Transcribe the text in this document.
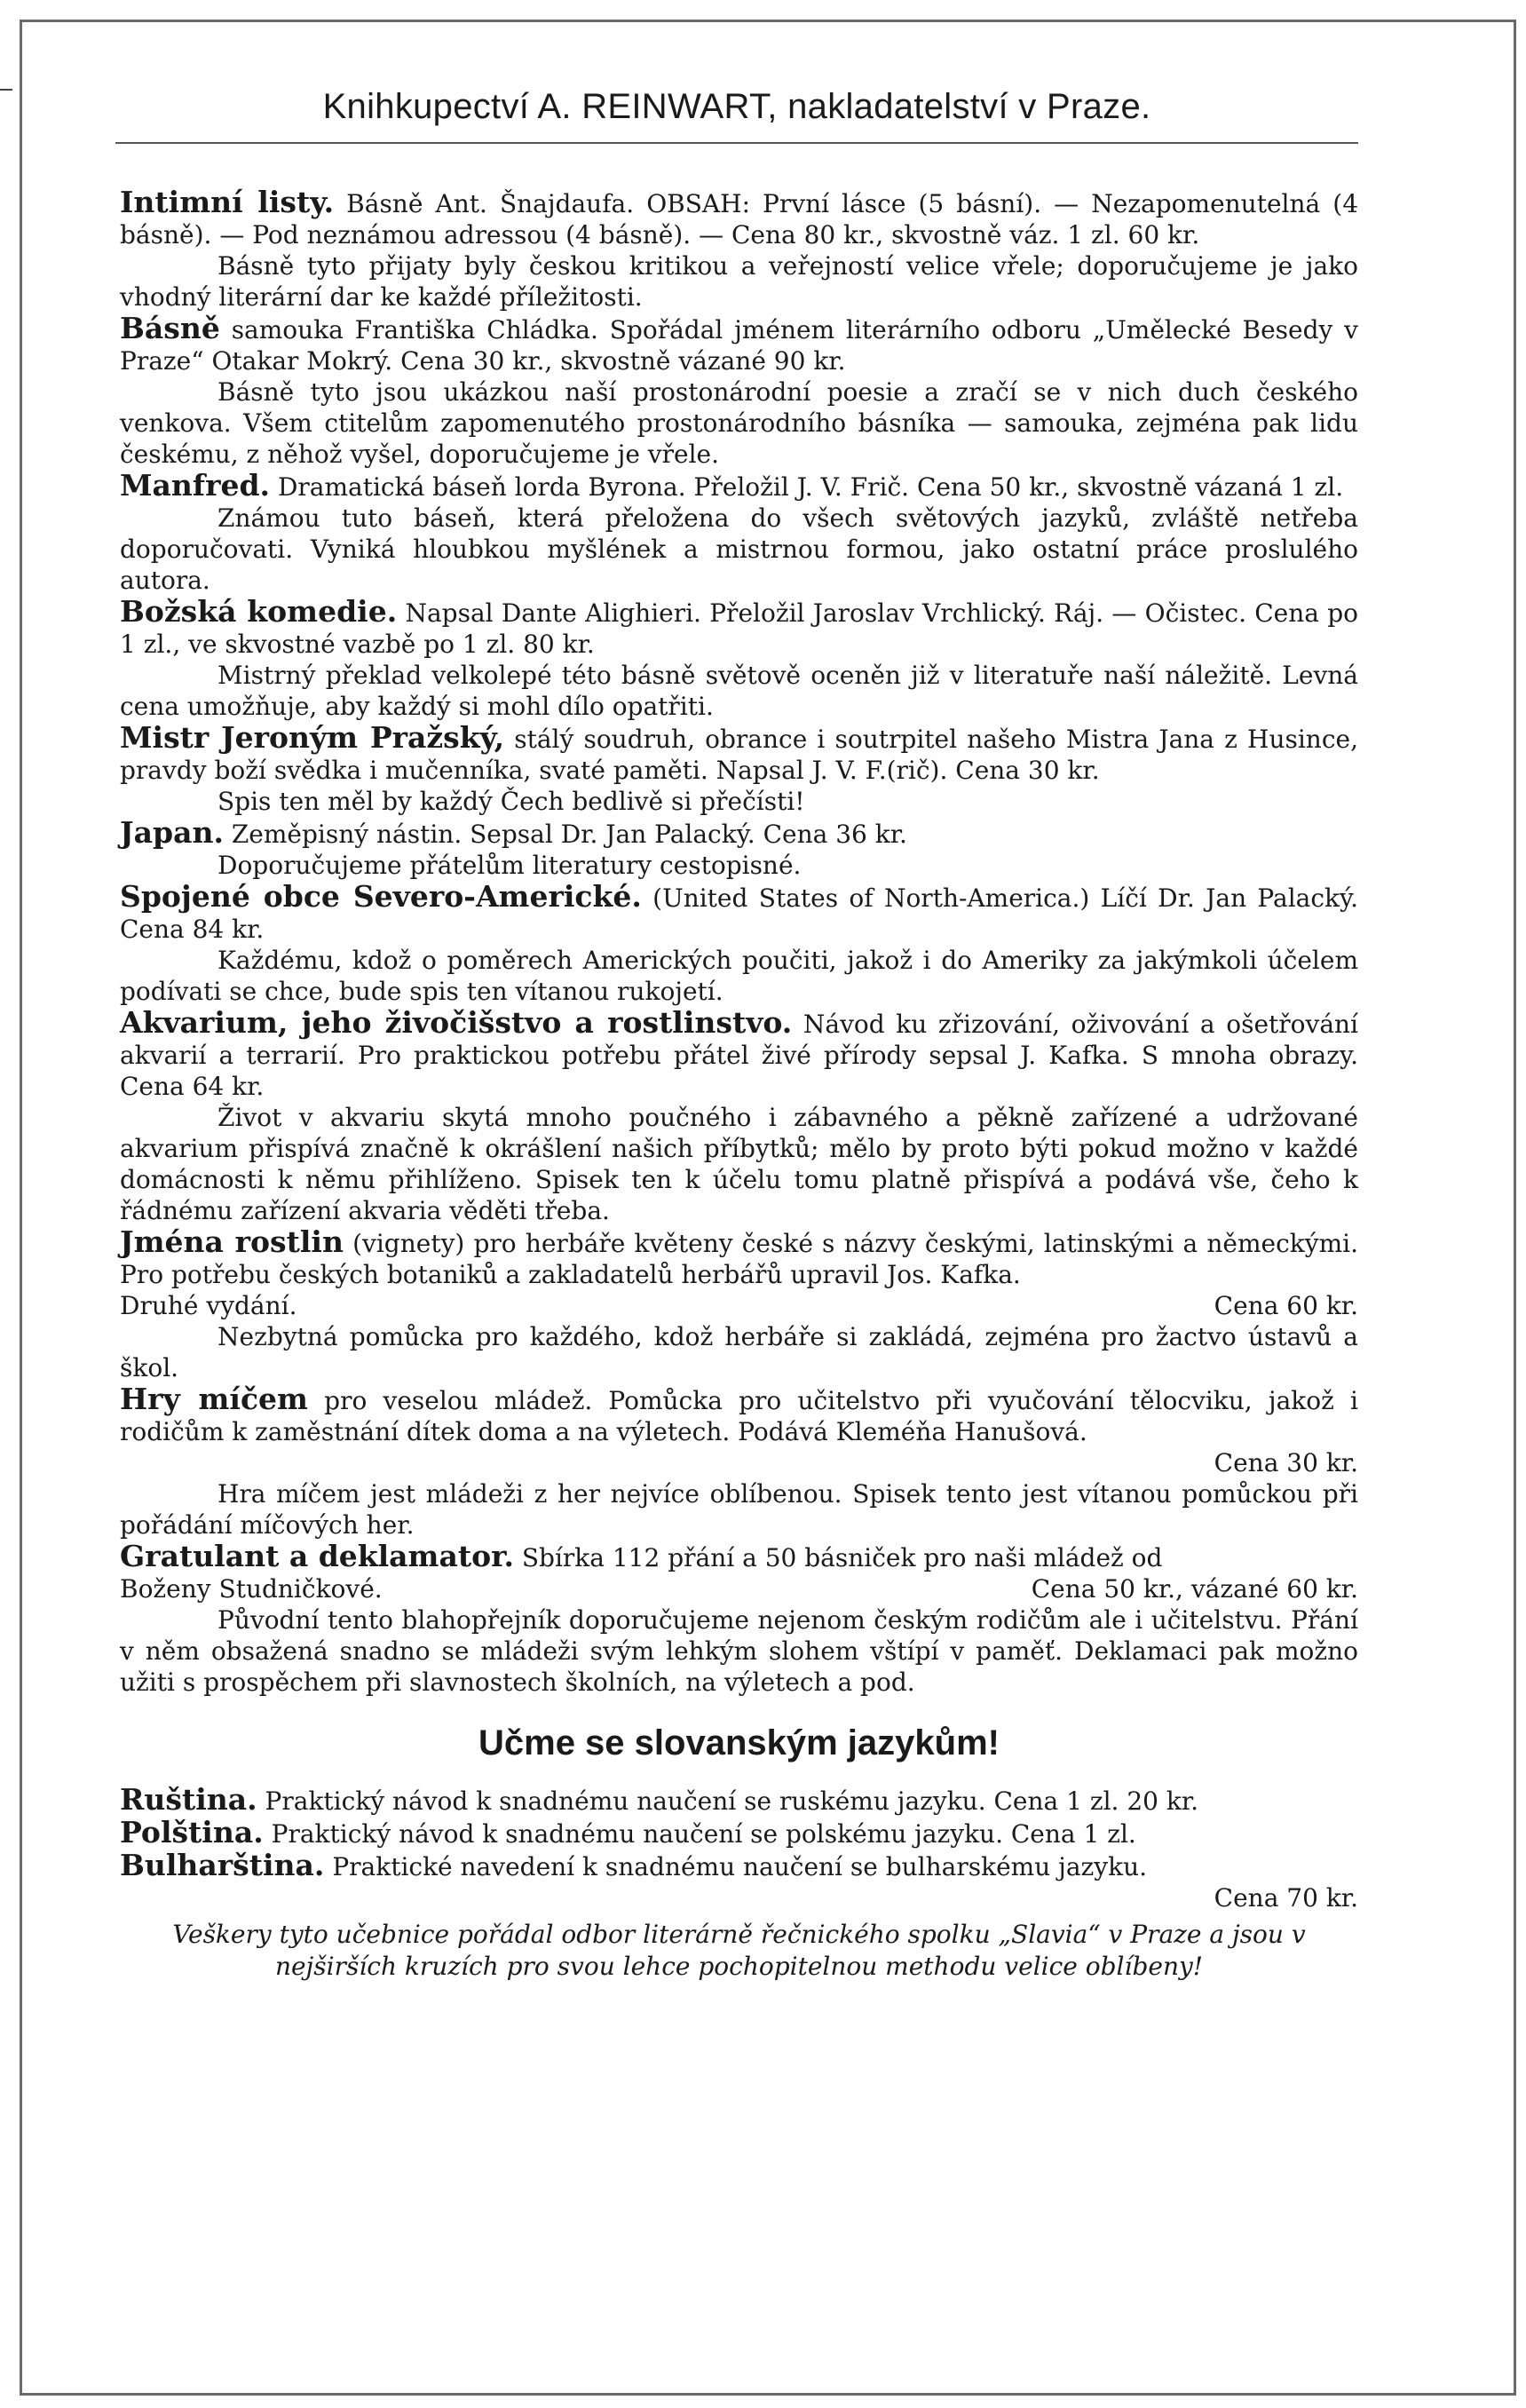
Knihkupectví A. REINWART, nakladatelství v Praze.

Intimní listy. Básně Ant. Šnajdaufa. OBSAH: První lásce (5 básní). — Nezapomenutelná (4 básně). — Pod neznámou adressou (4 básně). — Cena 80 kr., skvostně váz. 1 zl. 60 kr.

Básně tyto přijaty byly českou kritikou a veřejností velice vřele; doporučujeme je jako vhodný literární dar ke každé příležitosti.

Básně samouka Františka Chládka. Spořádal jménem literárního odboru „Umělecké Besedy v Praze“ Otakar Mokrý. Cena 30 kr., skvostně vázané 90 kr.

Básně tyto jsou ukázkou naší prostonárodní poesie a zračí se v nich duch českého venkova. Všem ctitelům zapomenutého prostonárodního básníka — samouka, zejména pak lidu českému, z něhož vyšel, doporučujeme je vřele.

Manfred. Dramatická báseň lorda Byrona. Přeložil J. V. Frič. Cena 50 kr., skvostně vázaná 1 zl.

Známou tuto báseň, která přeložena do všech světových jazyků, zvláště netřeba doporučovati. Vyniká hloubkou myšlének a mistrnou formou, jako ostatní práce proslulého autora.

Božská komedie. Napsal Dante Alighieri. Přeložil Jaroslav Vrchlický. Ráj. — Očistec. Cena po 1 zl., ve skvostné vazbě po 1 zl. 80 kr.

Mistrný překlad velkolepé této básně světově oceněn již v literatuře naší náležitě. Levná cena umožňuje, aby každý si mohl dílo opatřiti.

Mistr Jeroným Pražský, stálý soudruh, obrance i soutrpitel našeho Mistra Jana z Husince, pravdy boží svědka i mučenníka, svaté paměti. Napsal J. V. F.(rič). Cena 30 kr.

Spis ten měl by každý Čech bedlivě si přečísti!

Japan. Zeměpisný nástin. Sepsal Dr. Jan Palacký. Cena 36 kr.

Doporučujeme přátelům literatury cestopisné.

Spojené obce Severo-Americké. (United States of North-America.) Líčí Dr. Jan Palacký. Cena 84 kr.

Každému, kdož o poměrech Amerických poučiti, jakož i do Ameriky za jakýmkoli účelem podívati se chce, bude spis ten vítanou rukojetí.

Akvarium, jeho živočišstvo a rostlinstvo. Návod ku zřizování, oživování a ošetřování akvarií a terrarií. Pro praktickou potřebu přátel živé přírody sepsal J. Kafka. S mnoha obrazy. Cena 64 kr.

Život v akvariu skytá mnoho poučného i zábavného a pěkně zařízené a udržované akvarium přispívá značně k okrášlení našich příbytků; mělo by proto býti pokud možno v každé domácnosti k němu přihlíženo. Spisek ten k účelu tomu platně přispívá a podává vše, čeho k řádnému zařízení akvaria věděti třeba.

Jména rostlin (vignety) pro herbáře květeny české s názvy českými, latinskými a německými. Pro potřebu českých botaniků a zakladatelů herbářů upravil Jos. Kafka.

Druhé vydání.	Cena 60 kr.

Nezbytná pomůcka pro každého, kdož herbáře si zakládá, zejména pro žactvo ústavů a škol.

Hry míčem pro veselou mládež. Pomůcka pro učitelstvo při vyučování tělocviku, jakož i rodičům k zaměstnání dítek doma a na výletech. Podává Kleméňa Hanušová.

Cena 30 kr.

Hra míčem jest mládeži z her nejvíce oblíbenou. Spisek tento jest vítanou pomůckou při pořádání míčových her.

Gratulant a deklamator. Sbírka 112 přání a 50 básniček pro naši mládež od

Boženy Studničkové.	Cena 50 kr., vázané 60 kr.

Původní tento blahopřejník doporučujeme nejenom českým rodičům ale i učitelstvu. Přání v něm obsažená snadno se mládeži svým lehkým slohem vštípí v paměť. Deklamaci pak možno užiti s prospěchem při slavnostech školních, na výletech a pod.

Učme se slovanským jazykům!

Ruština. Praktický návod k snadnému naučení se ruskému jazyku. Cena 1 zl. 20 kr.

Polština. Praktický návod k snadnému naučení se polskému jazyku. Cena 1 zl.

Bulharština. Praktické navedení k snadnému naučení se bulharskému jazyku.

Cena 70 kr.
Veškery tyto učebnice pořádal odbor literárně řečnického spolku „Slavia“ v Praze a jsou v nejširších kruzích pro svou lehce pochopitelnou methodu velice oblíbeny!
